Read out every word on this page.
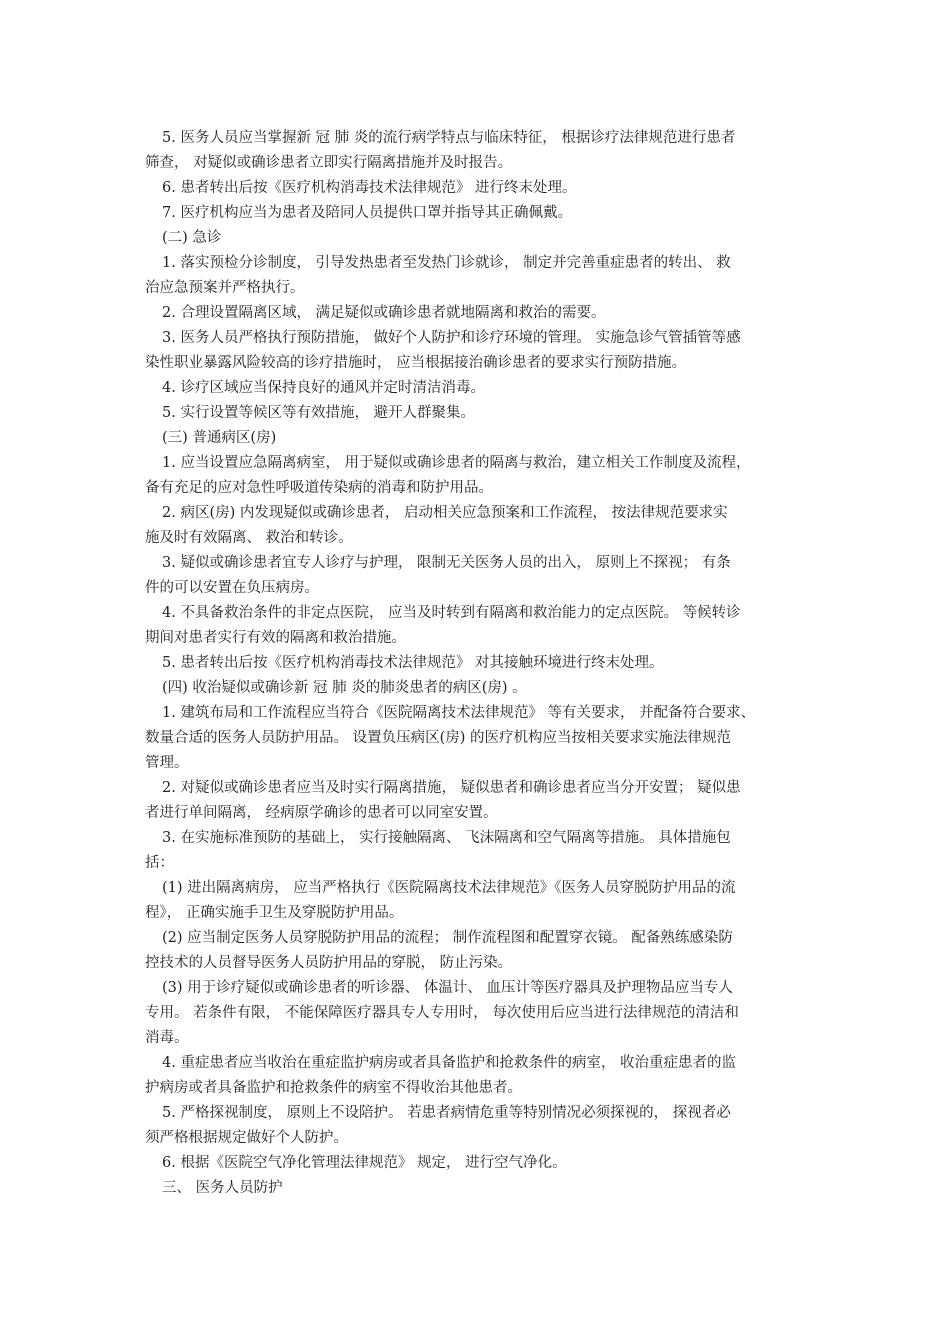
5. 医务人员应当掌握新 冠 肺 炎的流行病学特点与临床特征， 根据诊疗法律规范进行患者
筛查， 对疑似或确诊患者立即实行隔离措施并及时报告。
6. 患者转出后按《医疗机构消毒技术法律规范》 进行终末处理。
7. 医疗机构应当为患者及陪同人员提供口罩并指导其正确佩戴。
(二) 急诊
1. 落实预检分诊制度， 引导发热患者至发热门诊就诊， 制定并完善重症患者的转出、 救
治应急预案并严格执行。
2. 合理设置隔离区域， 满足疑似或确诊患者就地隔离和救治的需要。
3. 医务人员严格执行预防措施， 做好个人防护和诊疗环境的管理。 实施急诊气管插管等感
染性职业暴露风险较高的诊疗措施时， 应当根据接治确诊患者的要求实行预防措施。
4. 诊疗区域应当保持良好的通风并定时清洁消毒。
5. 实行设置等候区等有效措施， 避开人群聚集。
(三) 普通病区(房)
1. 应当设置应急隔离病室， 用于疑似或确诊患者的隔离与救治，建立相关工作制度及流程，
备有充足的应对急性呼吸道传染病的消毒和防护用品。
2. 病区(房) 内发现疑似或确诊患者， 启动相关应急预案和工作流程， 按法律规范要求实
施及时有效隔离、 救治和转诊。
3. 疑似或确诊患者宜专人诊疗与护理， 限制无关医务人员的出入， 原则上不探视； 有条
件的可以安置在负压病房。
4. 不具备救治条件的非定点医院， 应当及时转到有隔离和救治能力的定点医院。 等候转诊
期间对患者实行有效的隔离和救治措施。
5. 患者转出后按《医疗机构消毒技术法律规范》 对其接触环境进行终末处理。
(四) 收治疑似或确诊新 冠 肺 炎的肺炎患者的病区(房) 。
1. 建筑布局和工作流程应当符合《医院隔离技术法律规范》 等有关要求， 并配备符合要求、
数量合适的医务人员防护用品。 设置负压病区(房) 的医疗机构应当按相关要求实施法律规范
管理。
2. 对疑似或确诊患者应当及时实行隔离措施， 疑似患者和确诊患者应当分开安置； 疑似患
者进行单间隔离， 经病原学确诊的患者可以同室安置。
3. 在实施标准预防的基础上， 实行接触隔离、 飞沫隔离和空气隔离等措施。 具体措施包
括：
(1) 进出隔离病房， 应当严格执行《医院隔离技术法律规范》《医务人员穿脱防护用品的流
程》， 正确实施手卫生及穿脱防护用品。
(2) 应当制定医务人员穿脱防护用品的流程； 制作流程图和配置穿衣镜。 配备熟练感染防
控技术的人员督导医务人员防护用品的穿脱， 防止污染。
(3) 用于诊疗疑似或确诊患者的听诊器、 体温计、 血压计等医疗器具及护理物品应当专人
专用。 若条件有限， 不能保障医疗器具专人专用时， 每次使用后应当进行法律规范的清洁和
消毒。
4. 重症患者应当收治在重症监护病房或者具备监护和抢救条件的病室， 收治重症患者的监
护病房或者具备监护和抢救条件的病室不得收治其他患者。
5. 严格探视制度， 原则上不设陪护。 若患者病情危重等特别情况必须探视的， 探视者必
须严格根据规定做好个人防护。
6. 根据《医院空气净化管理法律规范》 规定， 进行空气净化。
三、 医务人员防护
